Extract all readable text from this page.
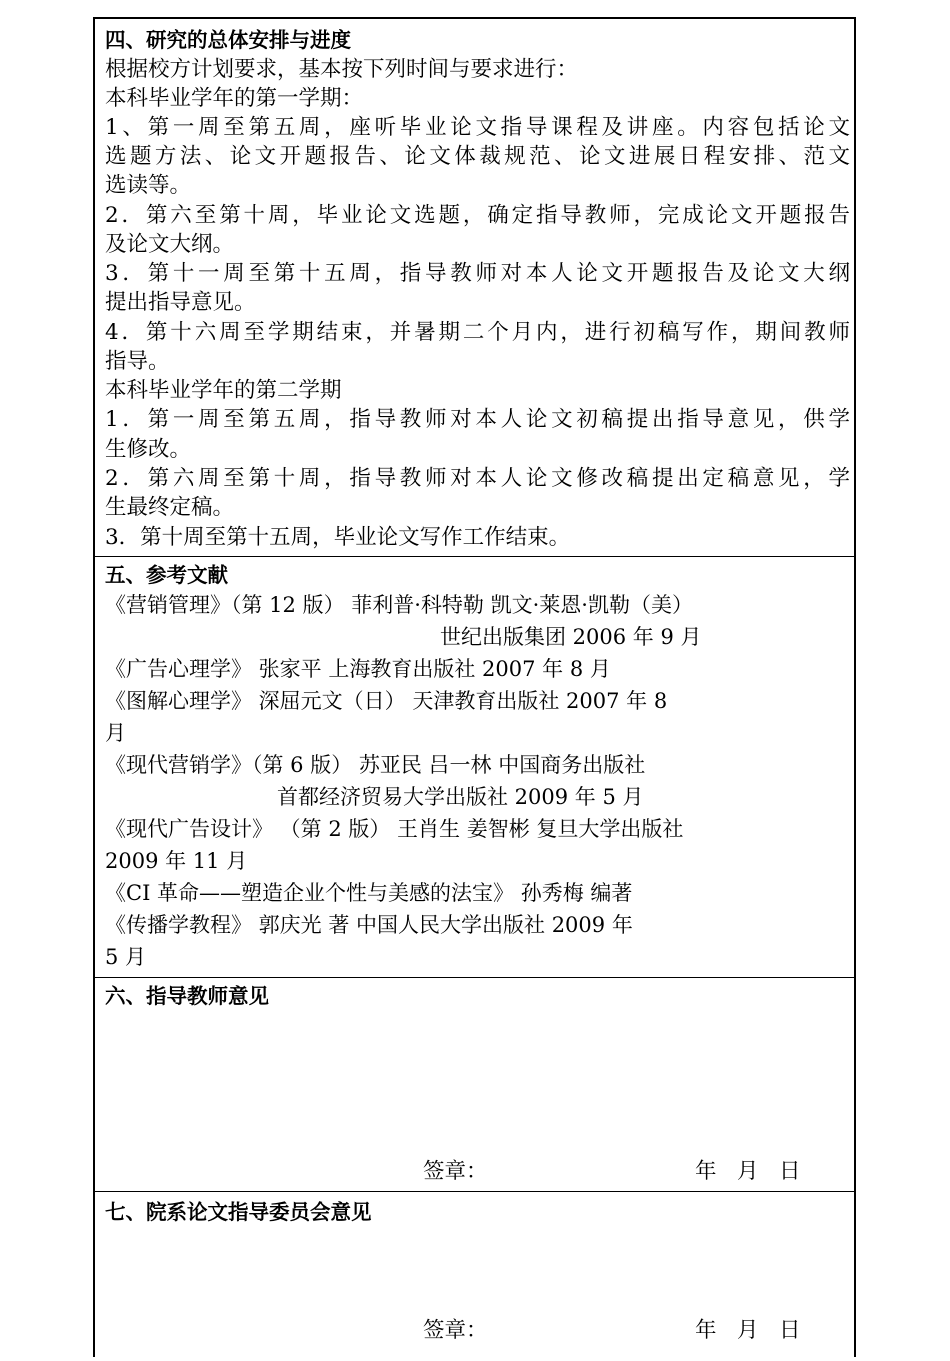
四、研究的总体安排与进度
根据校方计划要求，基本按下列时间与要求进行：
本科毕业学年的第一学期：
1、第一周至第五周，座听毕业论文指导课程及讲座。内容包括论文
选题方法、论文开题报告、论文体裁规范、论文进展日程安排、范文
选读等。
2．第六至第十周，毕业论文选题，确定指导教师，完成论文开题报告
及论文大纲。
3．第十一周至第十五周，指导教师对本人论文开题报告及论文大纲
提出指导意见。
4．第十六周至学期结束，并暑期二个月内，进行初稿写作，期间教师
指导。
本科毕业学年的第二学期
1．第一周至第五周，指导教师对本人论文初稿提出指导意见，供学
生修改。
2．第六周至第十周，指导教师对本人论文修改稿提出定稿意见，学
生最终定稿。
3．第十周至第十五周，毕业论文写作工作结束。
五、参考文献
《营销管理》（第 12 版） 菲利普·科特勒 凯文·莱恩·凯勒（美）
世纪出版集团 2006 年 9 月
《广告心理学》 张家平 上海教育出版社 2007 年 8 月
《图解心理学》 深屈元文（日） 天津教育出版社 2007 年 8
月
《现代营销学》（第 6 版） 苏亚民 吕一林 中国商务出版社
首都经济贸易大学出版社 2009 年 5 月
《现代广告设计》 （第 2 版） 王肖生 姜智彬 复旦大学出版社
2009 年 11 月
《CI 革命——塑造企业个性与美感的法宝》 孙秀梅 编著
《传播学教程》 郭庆光 著 中国人民大学出版社 2009 年
5 月
六、指导教师意见
签章：	年   月   日
七、院系论文指导委员会意见
签章：	年   月   日
